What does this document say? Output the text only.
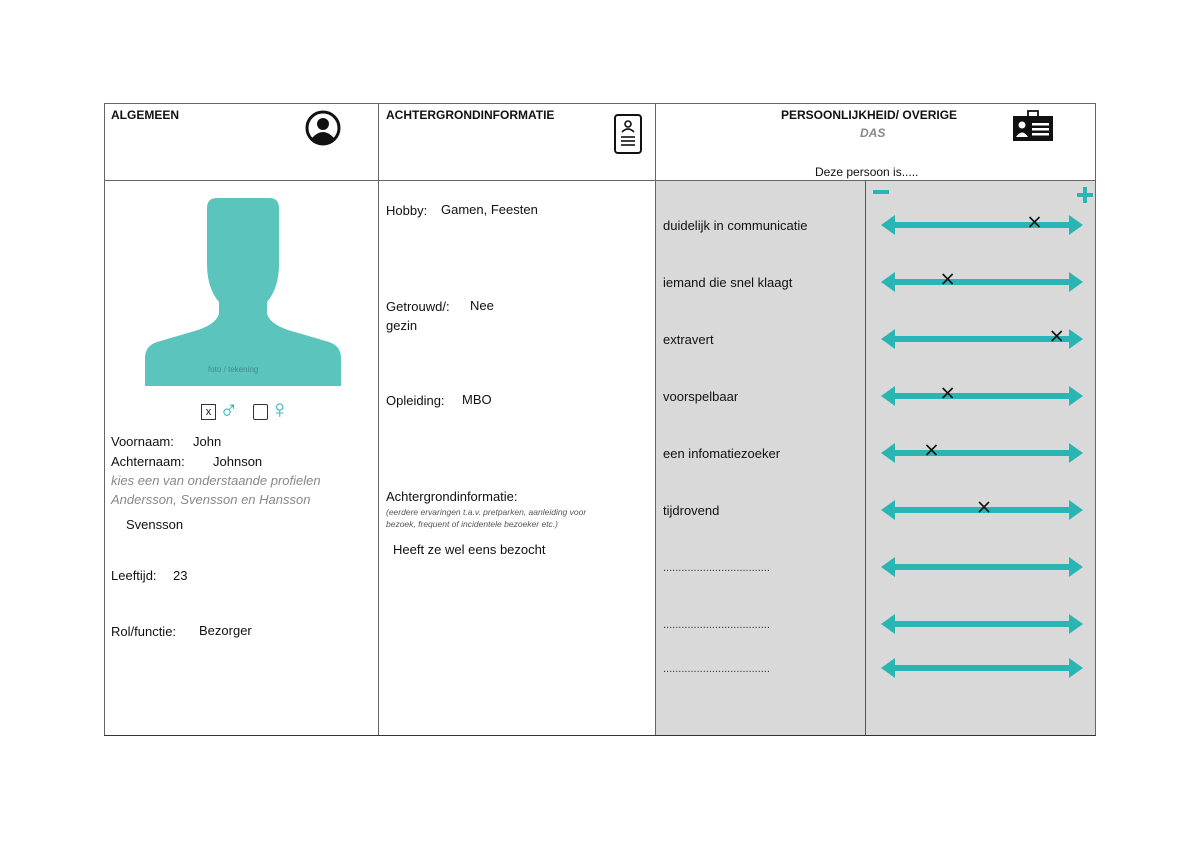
ALGEMEEN	ACHTERGRONDINFORMATIE	PERSOONLIJKHEID/ OVERIGE
DAS
Deze persoon is.....
foto / tekening
x ♂ ♀
Voornaam: John
Achternaam: Johnson
kies een van onderstaande profielen
Andersson, Svensson en Hansson
Svensson
Leeftijd: 23
Rol/functie: Bezorger
Hobby: Gamen, Feesten
Getrouwd/: Nee
gezin
Opleiding: MBO
Achtergrondinformatie:
(eerdere ervaringen t.a.v. pretparken, aanleiding voor
bezoek, frequent of incidentele bezoeker etc.)
Heeft ze wel eens bezocht
duidelijk in communicatie
iemand die snel klaagt
extravert
voorspelbaar
een infomatiezoeker
tijdrovend
...................................
...................................
...................................
